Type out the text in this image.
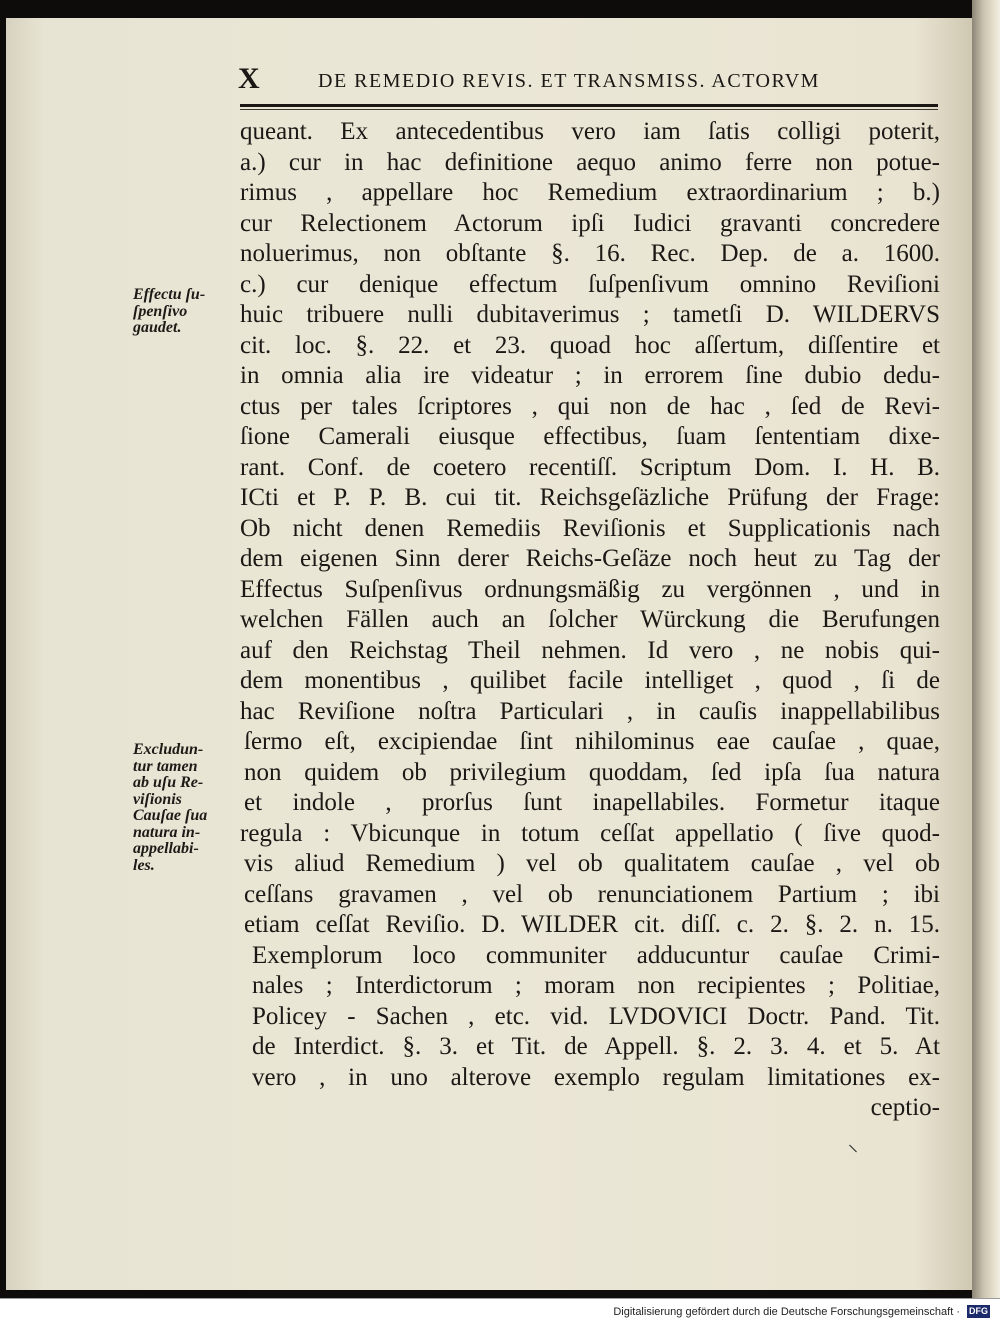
X	DE REMEDIO REVIS. ET TRANSMISS. ACTORVM
Effectu ſu-
ſpenſivo
gaudet.
Excludun-
tur tamen
ab uſu Re-
viſionis
Cauſae ſua
natura in-
appellabi-
les.
queant. Ex antecedentibus vero iam ſatis colligi poterit,
a.) cur in hac definitione aequo animo ferre non potue-
rimus , appellare hoc Remedium extraordinarium ; b.)
cur Relectionem Actorum ipſi Iudici gravanti concredere
noluerimus, non obſtante §. 16. Rec. Dep. de a. 1600.
c.) cur denique effectum ſuſpenſivum omnino Reviſioni
huic tribuere nulli dubitaverimus ; tametſi D. WILDERVS
cit. loc. §. 22. et 23. quoad hoc aſſertum, diſſentire et
in omnia alia ire videatur ; in errorem ſine dubio dedu-
ctus per tales ſcriptores , qui non de hac , ſed de Revi-
ſione Camerali eiusque effectibus, ſuam ſententiam dixe-
rant. Conf. de coetero recentiſſ. Scriptum Dom. I. H. B.
ICti et P. P. B. cui tit. Reichsgeſäzliche Prüfung der Frage:
Ob nicht denen Remediis Reviſionis et Supplicationis nach
dem eigenen Sinn derer Reichs-Geſäze noch heut zu Tag der
Effectus Suſpenſivus ordnungsmäßig zu vergönnen , und in
welchen Fällen auch an ſolcher Würckung die Berufungen
auf den Reichstag Theil nehmen. Id vero , ne nobis qui-
dem monentibus , quilibet facile intelliget , quod , ſi de
hac Reviſione noſtra Particulari , in cauſis inappellabilibus
ſermo eſt, excipiendae ſint nihilominus eae cauſae , quae,
non quidem ob privilegium quoddam, ſed ipſa ſua natura
et indole , prorſus ſunt inapellabiles. Formetur itaque
regula : Vbicunque in totum ceſſat appellatio ( ſive quod-
vis aliud Remedium ) vel ob qualitatem cauſae , vel ob
ceſſans gravamen , vel ob renunciationem Partium ; ibi
etiam ceſſat Reviſio. D. WILDER cit. diſſ. c. 2. §. 2. n. 15.
Exemplorum loco communiter adducuntur cauſae Crimi-
nales ; Interdictorum ; moram non recipientes ; Politiae,
Policey - Sachen , etc. vid. LVDOVICI Doctr. Pand. Tit.
de Interdict. §. 3. et Tit. de Appell. §. 2. 3. 4. et 5. At
vero , in uno alterove exemplo regulam limitationes ex-
ceptio-
Digitalisierung gefördert durch die Deutsche Forschungsgemeinschaft · DFG
